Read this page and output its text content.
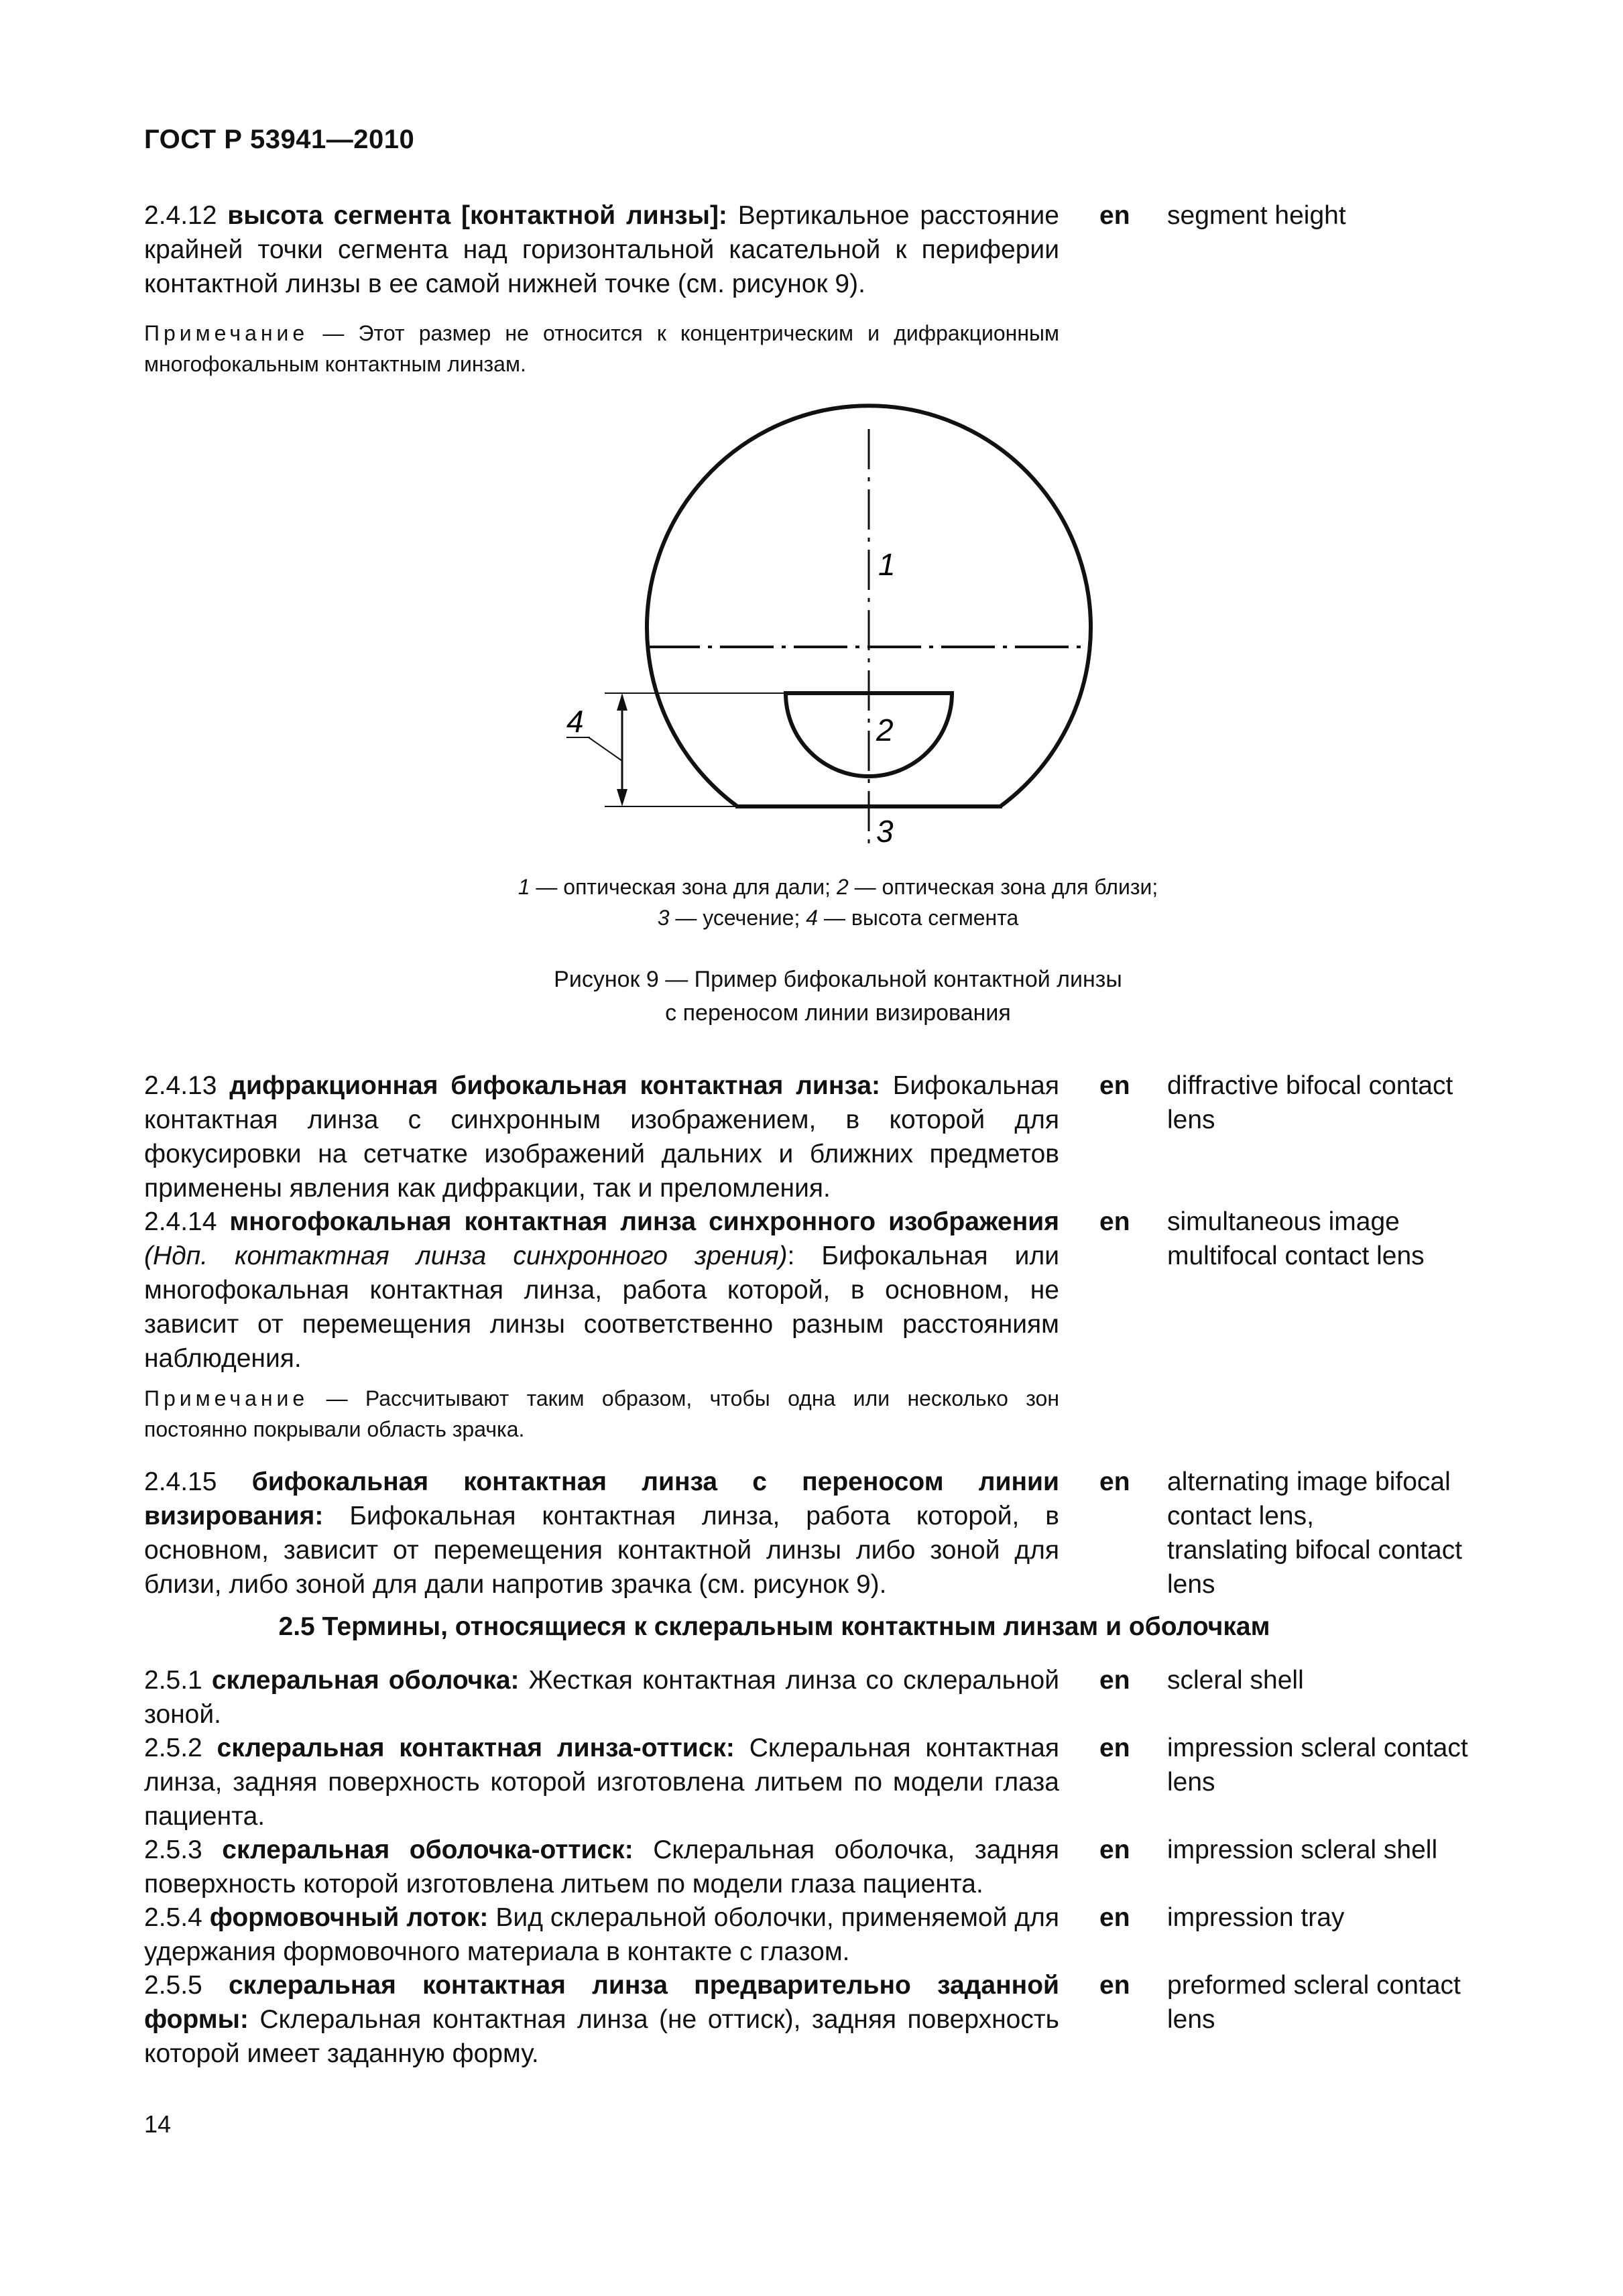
ГОСТ Р 53941—2010
2.4.12 высота сегмента [контактной линзы]: Вертикальное расстояние крайней точки сегмента над горизонтальной касательной к периферии контактной линзы в ее самой нижней точке (см. рисунок 9).
en segment height
Примечание — Этот размер не относится к концентрическим и дифракционным многофокальным контактным линзам.
1
2
3
4
1 — оптическая зона для дали; 2 — оптическая зона для близи;
3 — усечение; 4 — высота сегмента
Рисунок 9 — Пример бифокальной контактной линзы
с переносом линии визирования
2.4.13 дифракционная бифокальная контактная линза: Бифокальная контактная линза с синхронным изображением, в которой для фокусировки на сетчатке изображений дальних и ближних предметов применены явления как дифракции, так и преломления.
en diffractive bifocal contact
lens
2.4.14 многофокальная контактная линза синхронного изображения (Ндп. контактная линза синхронного зрения): Бифокальная или многофокальная контактная линза, работа которой, в основном, не зависит от перемещения линзы соответственно разным расстояниям наблюдения.
en simultaneous image
multifocal contact lens
Примечание — Рассчитывают таким образом, чтобы одна или несколько зон постоянно покрывали область зрачка.
2.4.15 бифокальная контактная линза с переносом линии визирования: Бифокальная контактная линза, работа которой, в основном, зависит от перемещения контактной линзы либо зоной для близи, либо зоной для дали напротив зрачка (см. рисунок 9).
en alternating image bifocal
contact lens,
translating bifocal contact
lens
2.5 Термины, относящиеся к склеральным контактным линзам и оболочкам
2.5.1 склеральная оболочка: Жесткая контактная линза со склеральной зоной.
en scleral shell
2.5.2 склеральная контактная линза-оттиск: Склеральная контактная линза, задняя поверхность которой изготовлена литьем по модели глаза пациента.
en impression scleral contact
lens
2.5.3 склеральная оболочка-оттиск: Склеральная оболочка, задняя поверхность которой изготовлена литьем по модели глаза пациента.
en impression scleral shell
2.5.4 формовочный лоток: Вид склеральной оболочки, применяемой для удержания формовочного материала в контакте с глазом.
en impression tray
2.5.5 склеральная контактная линза предварительно заданной формы: Склеральная контактная линза (не оттиск), задняя поверхность которой имеет заданную форму.
en preformed scleral contact
lens
14
